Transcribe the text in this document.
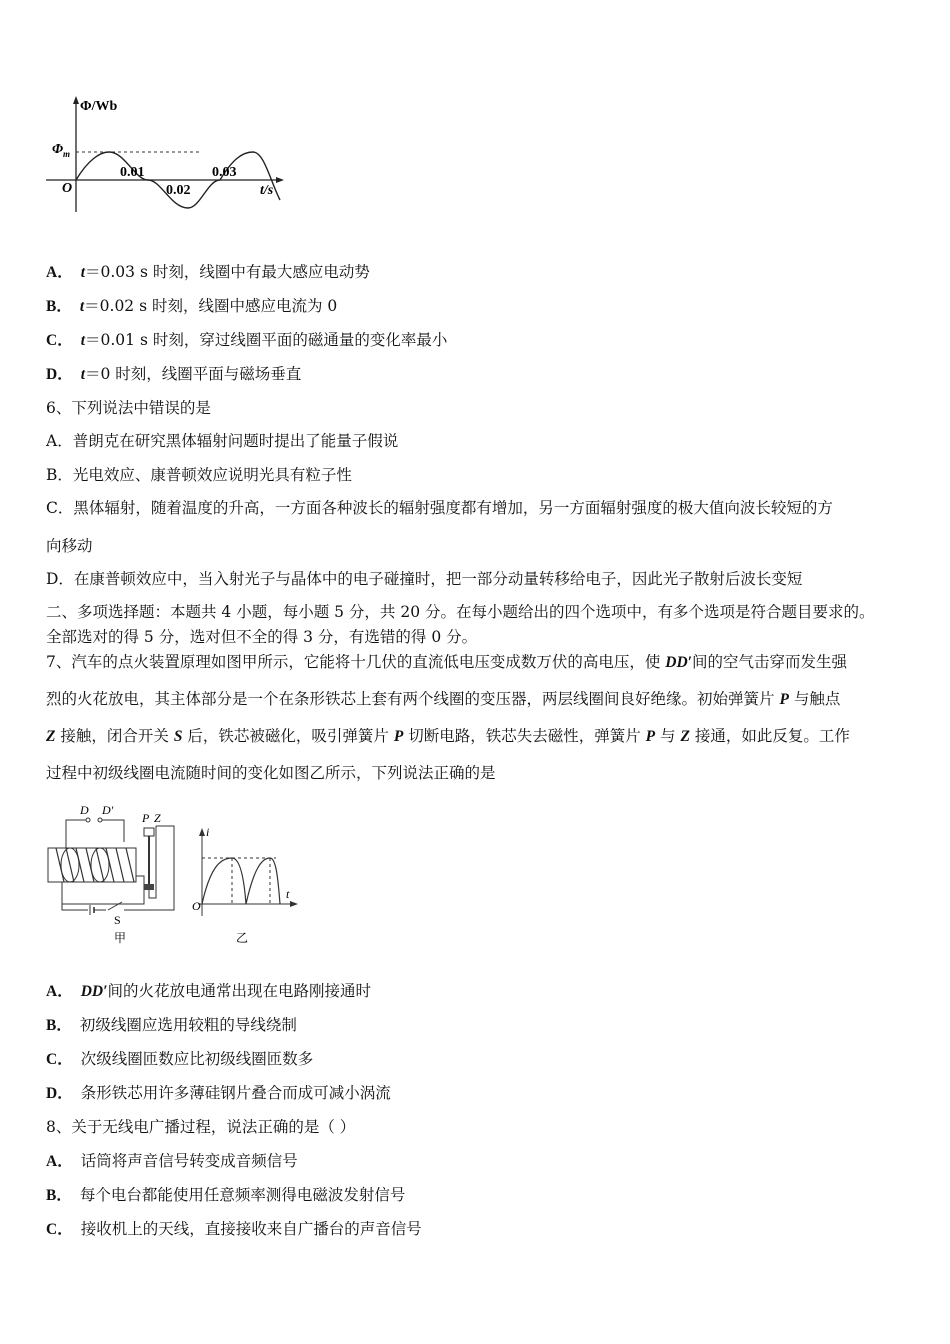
Φ/Wb
$\Phi_m$
O
0.01
0.02
0.03
t/s
A． t＝0.03 s 时刻，线圈中有最大感应电动势
B． t＝0.02 s 时刻，线圈中感应电流为 0
C． t＝0.01 s 时刻，穿过线圈平面的磁通量的变化率最小
D． t＝0 时刻，线圈平面与磁场垂直
6、下列说法中错误的是
A．普朗克在研究黑体辐射问题时提出了能量子假说
B．光电效应、康普顿效应说明光具有粒子性
C．黑体辐射，随着温度的升高，一方面各种波长的辐射强度都有增加，另一方面辐射强度的极大值向波长较短的方
向移动
D．在康普顿效应中，当入射光子与晶体中的电子碰撞时，把一部分动量转移给电子，因此光子散射后波长变短
二、多项选择题：本题共 4 小题，每小题 5 分，共 20 分。在每小题给出的四个选项中，有多个选项是符合题目要求的。
全部选对的得 5 分，选对但不全的得 3 分，有选错的得 0 分。
7、汽车的点火装置原理如图甲所示，它能将十几伏的直流低电压变成数万伏的高电压，使 DD′间的空气击穿而发生强
烈的火花放电，其主体部分是一个在条形铁芯上套有两个线圈的变压器，两层线圈间良好绝缘。初始弹簧片 P 与触点
Z 接触，闭合开关 S 后，铁芯被磁化，吸引弹簧片 P 切断电路，铁芯失去磁性，弹簧片 P 与 Z 接通，如此反复。工作
过程中初级线圈电流随时间的变化如图乙所示，下列说法正确的是
D D′
S
甲
P Z
i
O
t
乙
A． DD′间的火花放电通常出现在电路刚接通时
B． 初级线圈应选用较粗的导线绕制
C． 次级线圈匝数应比初级线圈匝数多
D． 条形铁芯用许多薄硅钢片叠合而成可减小涡流
8、关于无线电广播过程，说法正确的是（ ）
A． 话筒将声音信号转变成音频信号
B． 每个电台都能使用任意频率测得电磁波发射信号
C． 接收机上的天线，直接接收来自广播台的声音信号
